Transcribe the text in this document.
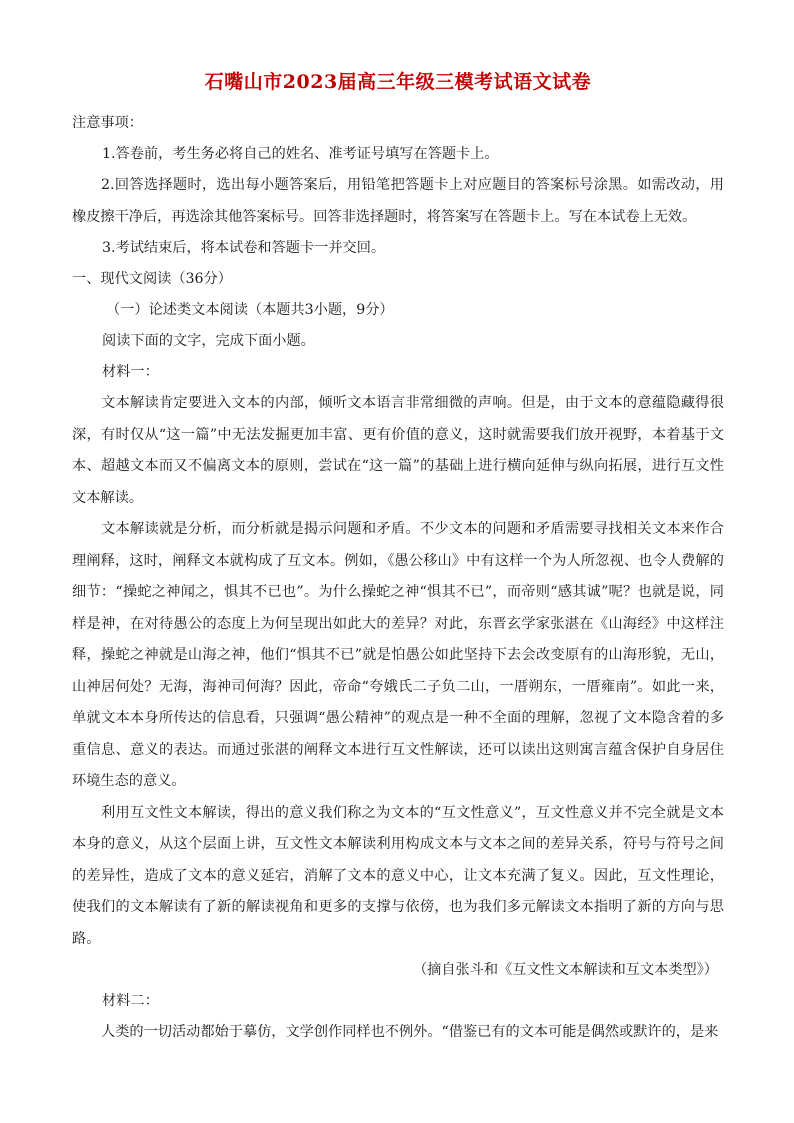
石嘴山市2023届高三年级三模考试语文试卷

注意事项：

1.答卷前，考生务必将自己的姓名、准考证号填写在答题卡上。

2.回答选择题时，选出每小题答案后，用铅笔把答题卡上对应题目的答案标号涂黑。如需改动，用橡皮擦干净后，再选涂其他答案标号。回答非选择题时，将答案写在答题卡上。写在本试卷上无效。

3.考试结束后，将本试卷和答题卡一并交回。

一、现代文阅读（36分）

（一）论述类文本阅读（本题共3小题，9分）

阅读下面的文字，完成下面小题。

材料一：

文本解读肯定要进入文本的内部，倾听文本语言非常细微的声响。但是，由于文本的意蕴隐藏得很深，有时仅从“这一篇”中无法发掘更加丰富、更有价值的意义，这时就需要我们放开视野，本着基于文本、超越文本而又不偏离文本的原则，尝试在“这一篇”的基础上进行横向延伸与纵向拓展，进行互文性文本解读。

文本解读就是分析，而分析就是揭示问题和矛盾。不少文本的问题和矛盾需要寻找相关文本来作合理阐释，这时，阐释文本就构成了互文本。例如，《愚公移山》中有这样一个为人所忽视、也令人费解的细节：“操蛇之神闻之，惧其不已也”。为什么操蛇之神“惧其不已”，而帝则“感其诚”呢？也就是说，同样是神，在对待愚公的态度上为何呈现出如此大的差异？对此，东晋玄学家张湛在《山海经》中这样注释，操蛇之神就是山海之神，他们“惧其不已”就是怕愚公如此坚持下去会改变原有的山海形貌，无山，山神居何处？无海，海神司何海？因此，帝命“夸娥氏二子负二山，一厝朔东，一厝雍南”。如此一来，单就文本本身所传达的信息看，只强调“愚公精神”的观点是一种不全面的理解，忽视了文本隐含着的多重信息、意义的表达。而通过张湛的阐释文本进行互文性解读，还可以读出这则寓言蕴含保护自身居住环境生态的意义。

利用互文性文本解读，得出的意义我们称之为文本的“互文性意义”，互文性意义并不完全就是文本本身的意义，从这个层面上讲，互文性文本解读利用构成文本与文本之间的差异关系，符号与符号之间的差异性，造成了文本的意义延宕，消解了文本的意义中心，让文本充满了复义。因此，互文性理论，使我们的文本解读有了新的解读视角和更多的支撑与依傍，也为我们多元解读文本指明了新的方向与思路。

（摘自张斗和《互文性文本解读和互文本类型》）

材料二：

人类的一切活动都始于摹仿，文学创作同样也不例外。“借鉴已有的文本可能是偶然或默许的，是来
